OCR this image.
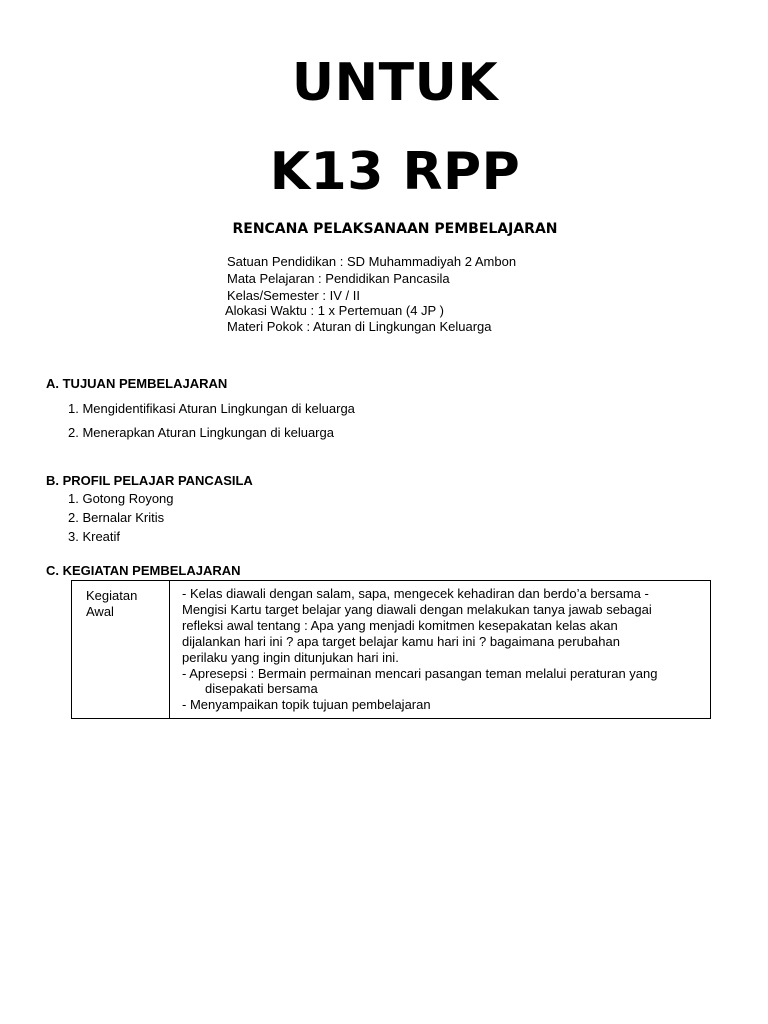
UNTUK
K13 RPP
RENCANA PELAKSANAAN PEMBELAJARAN
Satuan Pendidikan : SD Muhammadiyah 2 Ambon
Mata Pelajaran : Pendidikan Pancasila
Kelas/Semester : IV / II
Alokasi Waktu : 1 x Pertemuan (4 JP )
Materi Pokok : Aturan di Lingkungan Keluarga
A. TUJUAN PEMBELAJARAN
1. Mengidentifikasi Aturan Lingkungan di keluarga
2. Menerapkan Aturan Lingkungan di keluarga
B. PROFIL PELAJAR PANCASILA
1. Gotong Royong
2. Bernalar Kritis
3. Kreatif
C. KEGIATAN PEMBELAJARAN
Kegiatan Awal
- Kelas diawali dengan salam, sapa, mengecek kehadiran dan berdo’a bersama -
Mengisi Kartu target belajar yang diawali dengan melakukan tanya jawab sebagai
refleksi awal tentang : Apa yang menjadi komitmen kesepakatan kelas akan
dijalankan hari ini ? apa target belajar kamu hari ini ? bagaimana perubahan
perilaku yang ingin ditunjukan hari ini.
- Apresepsi : Bermain permainan mencari pasangan teman melalui peraturan yang
disepakati bersama
- Menyampaikan topik tujuan pembelajaran
